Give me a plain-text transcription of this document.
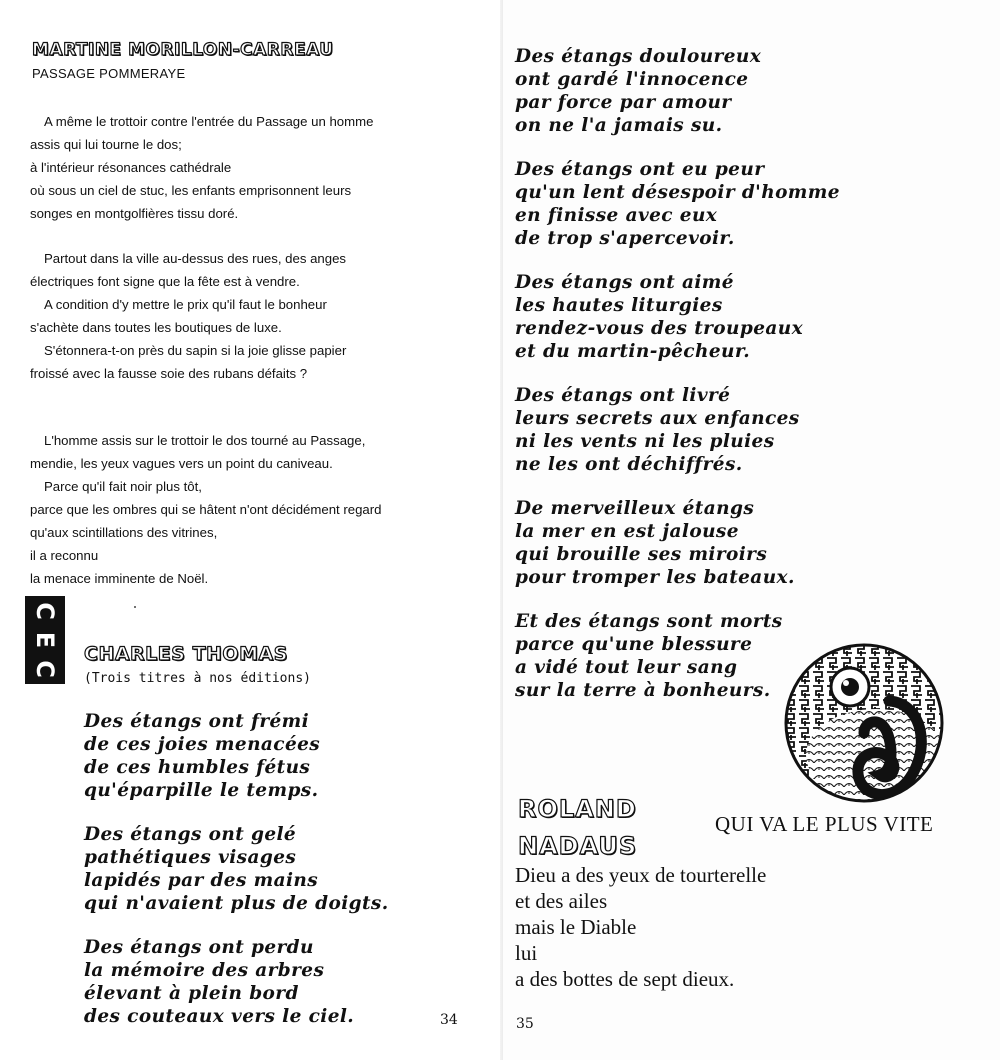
MARTINE MORILLON-CARREAU
PASSAGE POMMERAYE

A même le trottoir contre l'entrée du Passage un homme

assis qui lui tourne le dos;

à l'intérieur résonances cathédrale

où sous un ciel de stuc, les enfants emprisonnent leurs

songes en montgolfières tissu doré.

Partout dans la ville au-dessus des rues, des anges

électriques font signe que la fête est à vendre.

A condition d'y mettre le prix qu'il faut le bonheur

s'achète dans toutes les boutiques de luxe.

S'étonnera-t-on près du sapin si la joie glisse papier

froissé avec la fausse soie des rubans défaits ?

L'homme assis sur le trottoir le dos tourné au Passage,

mendie, les yeux vagues vers un point du caniveau.

Parce qu'il fait noir plus tôt,

parce que les ombres qui se hâtent n'ont décidément regard

qu'aux scintillations des vitrines,

il a reconnu

la menace imminente de Noël.

C
E
C
CHARLES THOMAS
(Trois titres à nos éditions)
Des étangs ont frémi
de ces joies menacées
de ces humbles fétus
qu'éparpille le temps.
Des étangs ont gelé
pathétiques visages
lapidés par des mains
qui n'avaient plus de doigts.
Des étangs ont perdu
la mémoire des arbres
élevant à plein bord
des couteaux vers le ciel.	34
Des étangs douloureux
ont gardé l'innocence
par force par amour
on ne l'a jamais su.
Des étangs ont eu peur
qu'un lent désespoir d'homme
en finisse avec eux
de trop s'apercevoir.
Des étangs ont aimé
les hautes liturgies
rendez-vous des troupeaux
et du martin-pêcheur.
Des étangs ont livré
leurs secrets aux enfances
ni les vents ni les pluies
ne les ont déchiffrés.
De merveilleux étangs
la mer en est jalouse
qui brouille ses miroirs
pour tromper les bateaux.
Et des étangs sont morts
parce qu'une blessure
a vidé tout leur sang
sur la terre à bonheurs.
ROLAND
NADAUS
QUI VA LE PLUS VITE
Dieu a des yeux de tourterelle
et des ailes
mais le Diable
lui
a des bottes de sept dieux.
35
